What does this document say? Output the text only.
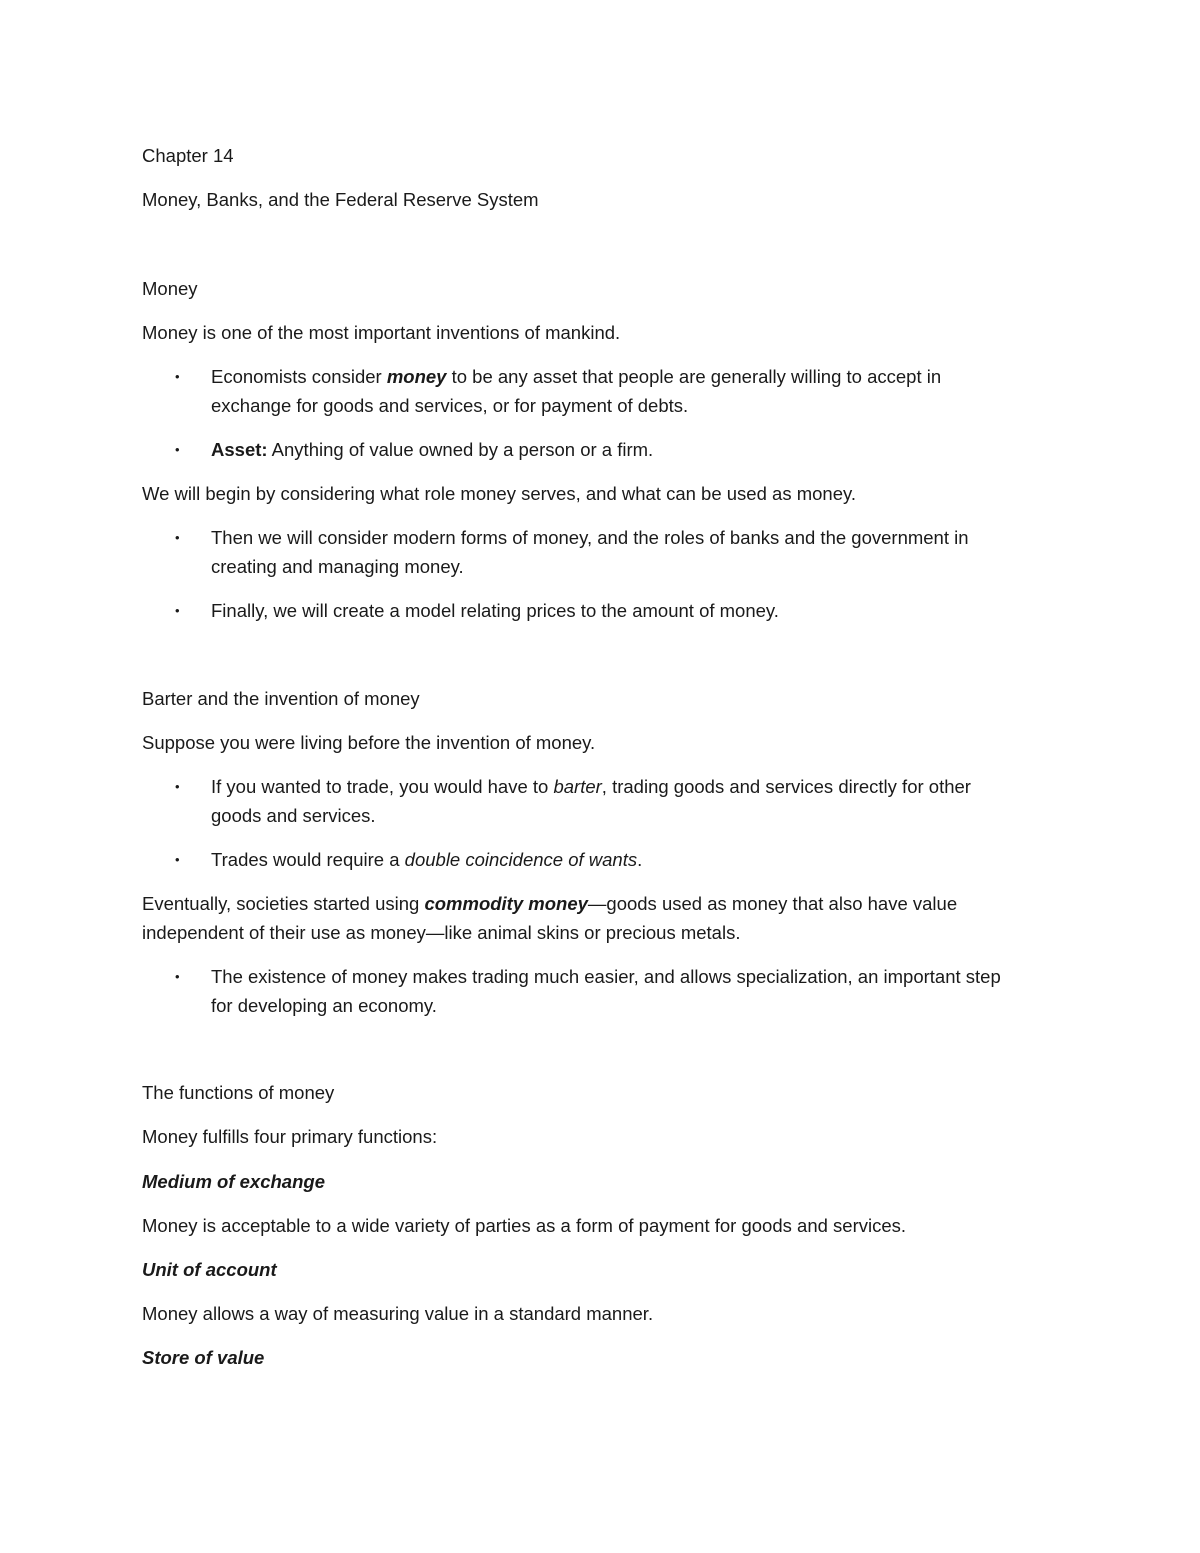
Chapter 14
Money, Banks, and the Federal Reserve System
Money
Money is one of the most important inventions of mankind.
•	Economists consider money to be any asset that people are generally willing to accept in
exchange for goods and services, or for payment of debts.
•	Asset: Anything of value owned by a person or a firm.
We will begin by considering what role money serves, and what can be used as money.
•	Then we will consider modern forms of money, and the roles of banks and the government in
creating and managing money.
•	Finally, we will create a model relating prices to the amount of money.
Barter and the invention of money
Suppose you were living before the invention of money.
•	If you wanted to trade, you would have to barter, trading goods and services directly for other
goods and services.
•	Trades would require a double coincidence of wants.
Eventually, societies started using commodity money—goods used as money that also have value
independent of their use as money—like animal skins or precious metals.
•	The existence of money makes trading much easier, and allows specialization, an important step
for developing an economy.
The functions of money
Money fulfills four primary functions:
Medium of exchange
Money is acceptable to a wide variety of parties as a form of payment for goods and services.
Unit of account
Money allows a way of measuring value in a standard manner.
Store of value
